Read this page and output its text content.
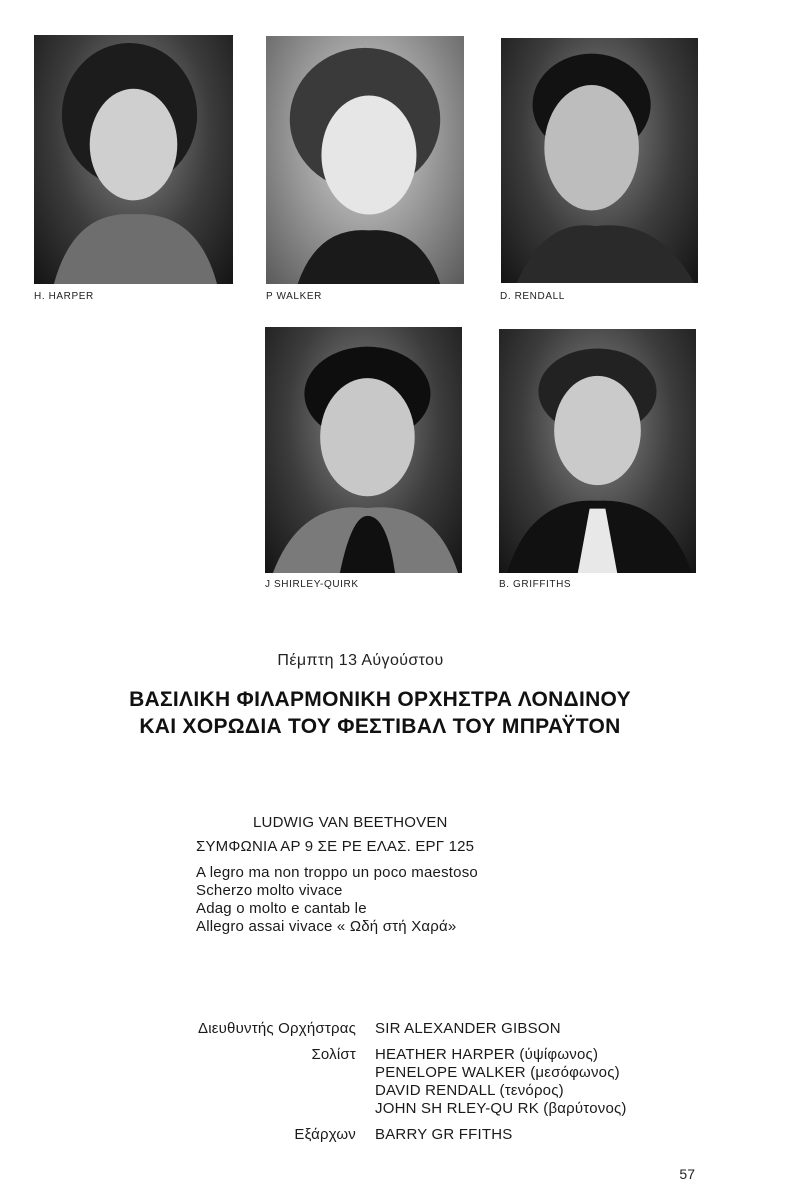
H. HARPER	P WALKER	D. RENDALL
J SHIRLEY-QUIRK	B. GRIFFITHS
Πέμπτη 13 Αύγούστου
ΒΑΣΙΛΙΚΗ ΦΙΛΑΡΜΟΝΙΚΗ ΟΡΧΗΣΤΡΑ ΛΟΝΔΙΝΟΥ
ΚΑΙ ΧΟΡΩΔΙΑ ΤΟΥ ΦΕΣΤΙΒΑΛ ΤΟΥ ΜΠΡΑΫΤΟΝ
LUDWIG VAN BEETHOVEN
ΣΥΜΦΩΝΙΑ ΑΡ 9 ΣΕ ΡΕ ΕΛΑΣ. ΕΡΓ 125
A legro ma non troppo un poco maestoso
Scherzo molto vivace
Adag o molto e cantab le
Allegro assai vivace « Ωδή στή Χαρά»
Διευθυντής Ορχήστρας SIR ALEXANDER GIBSON
Σολίστ HEATHER HARPER (ύψίφωνος)
PENELOPE WALKER (μεσόφωνος)
DAVID RENDALL (τενόρος)
JOHN SH RLEY-QU RK (βαρύτονος)
Εξάρχων BARRY GR FFITHS
57
